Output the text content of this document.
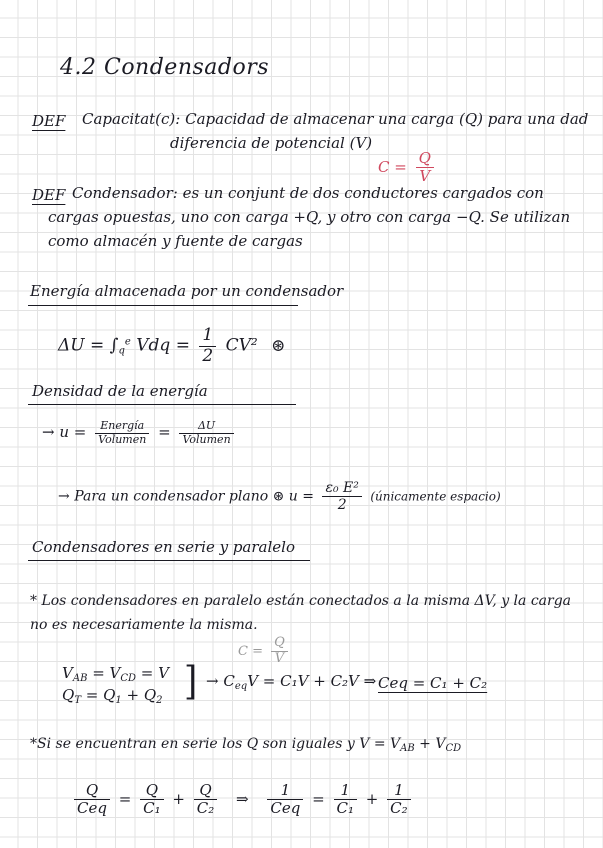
4.2 Condensadors
DEF Capacitat(c): Capacidad de almacenar una carga (Q) para una dad
diferencia de potencial (V)
$C = \frac{Q}{V}$
DEF Condensador: es un conjunt de dos conductores cargados con
cargas opuestas, uno con carga +Q, y otro con carga −Q. Se utilizan
como almacén y fuente de cargas
Energía almacenada por un condensador
$\Delta U = \int_q^e$ Vdq = $\frac{1}{2} CV^2$ ⊛
Densidad de la energía
→ $u = \frac{\text{Energía}}{\text{Volumen}} = \frac{\Delta U}{\text{Volumen}}$
→ Para un condensador plano ⊛ $u = \frac{\text{ε₀ E²}}{2}$ (únicamente espacio)
Condensadores en serie y paralelo
* Los condensadores en paralelo están conectados a la misma ΔV, y la carga
no es necesariamente la misma.
$C = \frac{Q}{V}$
$V_{AB} = V_{CD} = V$
$Q_T = Q_1 + Q_2$ ] → $C_{eq}V = C_1V + C_2V$ ⇒ Ceq = C₁ + C₂
*Si se encuentran en serie los Q son iguales y $V = V_{AB} + V_{CD}$
$\frac{Q}{\text{Ceq}} = \frac{Q}{\text{C₁}} + \frac{Q}{\text{C₂}}$ ⇒ $\frac{1}{\text{Ceq}} = \frac{1}{\text{C₁}} + \frac{1}{\text{C₂}}$
